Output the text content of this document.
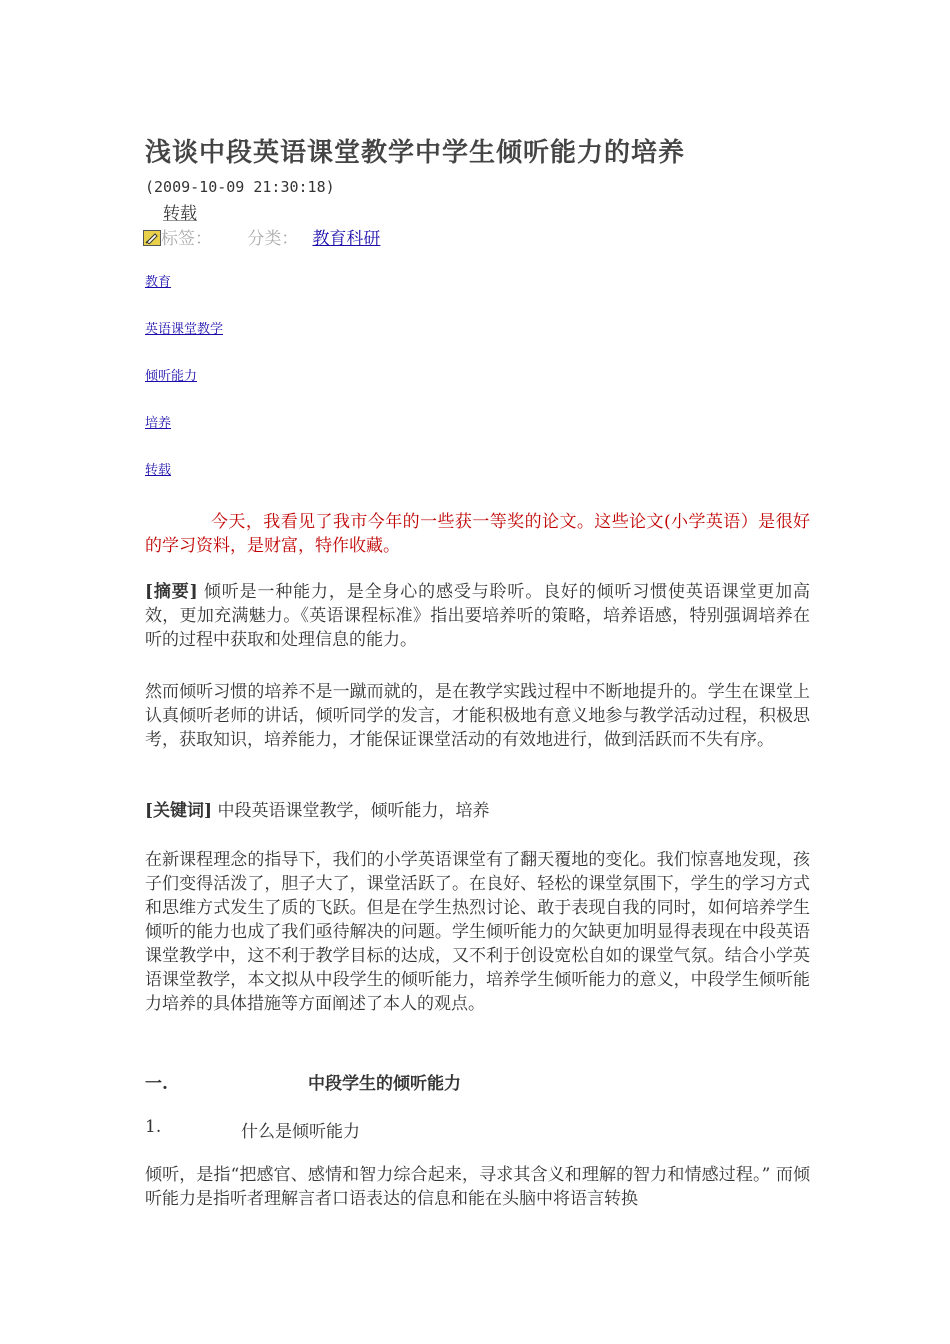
浅谈中段英语课堂教学中学生倾听能力的培养
(2009-10-09 21:30:18)
转载
标签： 分类： 教育科研
教育
英语课堂教学
倾听能力
培养
转载
今天，我看见了我市今年的一些获一等奖的论文。这些论文(小学英语）是很好的学习资料，是财富，特作收藏。
[摘要] 倾听是一种能力，是全身心的感受与聆听。良好的倾听习惯使英语课堂更加高效，更加充满魅力。《英语课程标准》指出要培养听的策略，培养语感，特别强调培养在听的过程中获取和处理信息的能力。
然而倾听习惯的培养不是一蹴而就的，是在教学实践过程中不断地提升的。学生在课堂上认真倾听老师的讲话，倾听同学的发言，才能积极地有意义地参与教学活动过程，积极思考，获取知识，培养能力，才能保证课堂活动的有效地进行，做到活跃而不失有序。
[关键词] 中段英语课堂教学，倾听能力，培养
在新课程理念的指导下，我们的小学英语课堂有了翻天覆地的变化。我们惊喜地发现，孩子们变得活泼了，胆子大了，课堂活跃了。在良好、轻松的课堂氛围下，学生的学习方式和思维方式发生了质的飞跃。但是在学生热烈讨论、敢于表现自我的同时，如何培养学生倾听的能力也成了我们亟待解决的问题。学生倾听能力的欠缺更加明显得表现在中段英语课堂教学中，这不利于教学目标的达成，又不利于创设宽松自如的课堂气氛。结合小学英语课堂教学，本文拟从中段学生的倾听能力，培养学生倾听能力的意义，中段学生倾听能力培养的具体措施等方面阐述了本人的观点。
一.	中段学生的倾听能力
1.	什么是倾听能力
倾听，是指“把感官、感情和智力综合起来，寻求其含义和理解的智力和情感过程。” 而倾听能力是指听者理解言者口语表达的信息和能在头脑中将语言转换
